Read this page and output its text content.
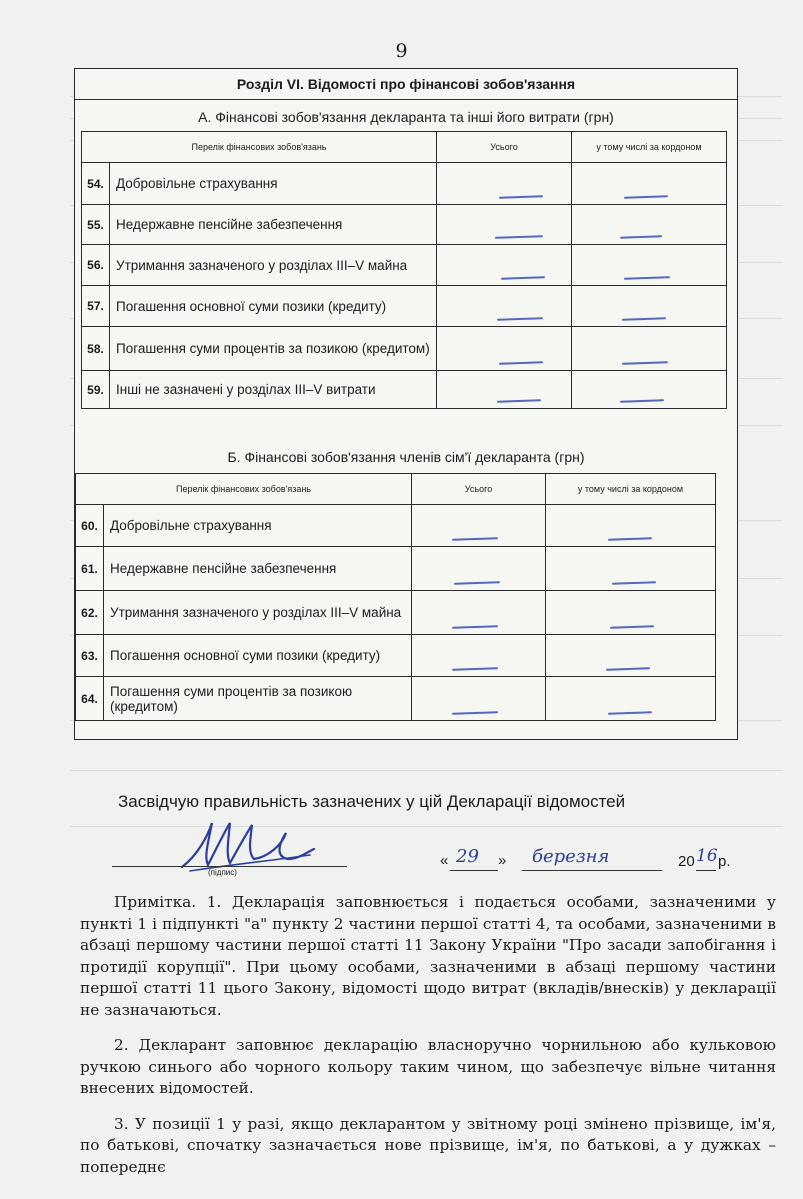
9
Розділ VI. Відомості про фінансові зобов'язання
А. Фінансові зобов'язання декларанта та інші його витрати (грн)
Перелік фінансових зобов'язань		Усього	у тому числі за кордоном
54.	Добровільне страхування	

55.	Недержавне пенсійне забезпечення	

56.	Утримання зазначеного у розділах III–V майна	

57.	Погашення основної суми позики (кредиту)	

58.	Погашення суми процентів за позикою (кредитом)	

59.	Інші не зазначені у розділах III–V витрати	

Б. Фінансові зобов'язання членів сім'ї декларанта (грн)
Перелік фінансових зобов'язань		Усього	у тому числі за кордоном
60.	Добровільне страхування	

61.	Недержавне пенсійне забезпечення	

62.	Утримання зазначеного у розділах III–V майна	

63.	Погашення основної суми позики (кредиту)	

64.	Погашення суми процентів за позикою (кредитом)	

Засвідчую правильність зазначених у цій Декларації відомостей
(підпис)
« 29 » березня	20 16 р.

Примітка. 1. Декларація заповнюється і подається особами, зазначеними у пункті 1 і підпункті "а" пункту 2 частини першої статті 4, та особами, зазначеними в абзаці першому частини першої статті 11 Закону України "Про засади запобігання і протидії корупції". При цьому особами, зазначеними в абзаці першому частини першої статті 11 цього Закону, відомості щодо витрат (вкладів/внесків) у декларації не зазначаються.

2. Декларант заповнює декларацію власноручно чорнильною або кульковою ручкою синього або чорного кольору таким чином, що забезпечує вільне читання внесених відомостей.

3. У позиції 1 у разі, якщо декларантом у звітному році змінено прізвище, ім'я, по батькові, спочатку зазначається нове прізвище, ім'я, по батькові, а у дужках – попереднє
